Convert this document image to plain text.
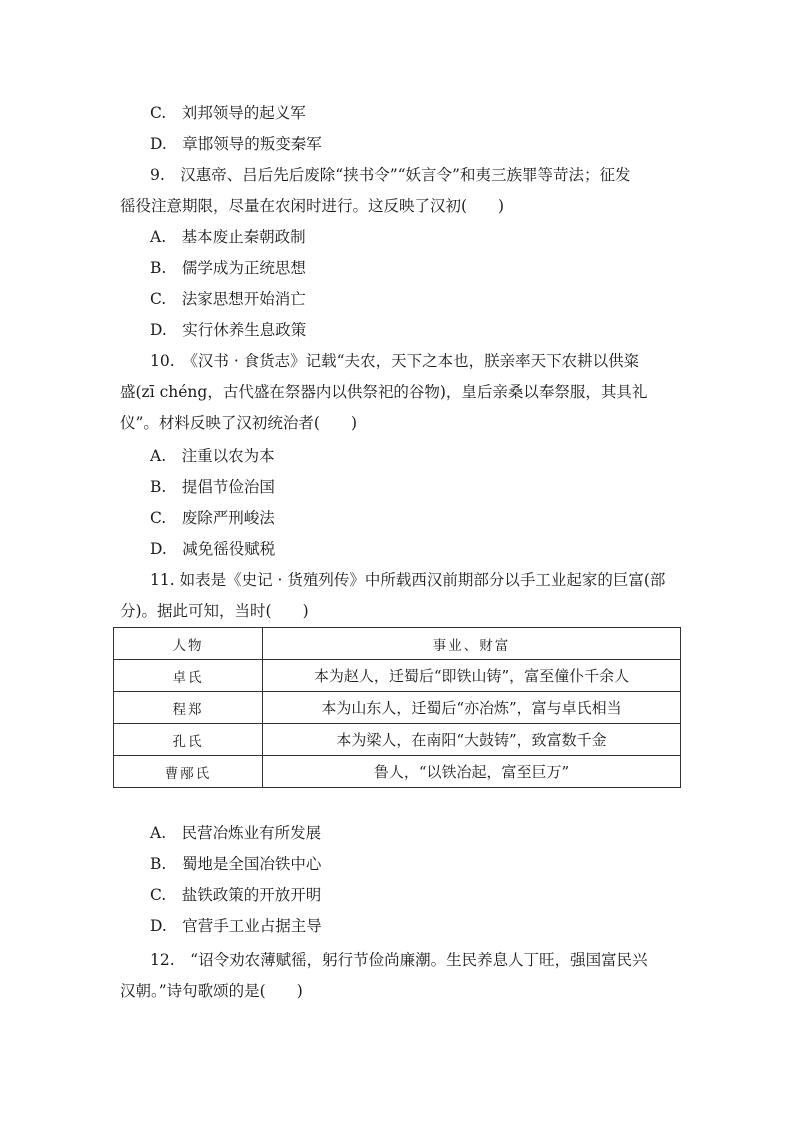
C.　刘邦领导的起义军
D.　章邯领导的叛变秦军
9.　汉惠帝、吕后先后废除“挟书令”“妖言令”和夷三族罪等苛法；征发
徭役注意期限，尽量在农闲时进行。这反映了汉初(　　)
A.　基本废止秦朝政制
B.　儒学成为正统思想
C.　法家思想开始消亡
D.　实行休养生息政策
10.　《汉书 · 食货志》记载“夫农，天下之本也，朕亲率天下农耕以供粢
盛(zī chéng，古代盛在祭器内以供祭祀的谷物)，皇后亲桑以奉祭服，其具礼
仪”。材料反映了汉初统治者(　　)
A.　注重以农为本
B.　提倡节俭治国
C.　废除严刑峻法
D.　减免徭役赋税
11. 如表是《史记 · 货殖列传》中所载西汉前期部分以手工业起家的巨富(部
分)。据此可知，当时(　　)
人物	事业、财富
卓氏	本为赵人，迁蜀后“即铁山铸”，富至僮仆千余人
程郑	本为山东人，迁蜀后“亦冶炼”，富与卓氏相当
孔氏	本为梁人，在南阳“大鼓铸”，致富数千金
曹邴氏	鲁人，“以铁冶起，富至巨万”
A.　民营冶炼业有所发展
B.　蜀地是全国冶铁中心
C.　盐铁政策的开放开明
D.　官营手工业占据主导
12.　“诏令劝农薄赋徭，躬行节俭尚廉潮。生民养息人丁旺，强国富民兴
汉朝。”诗句歌颂的是(　　)
